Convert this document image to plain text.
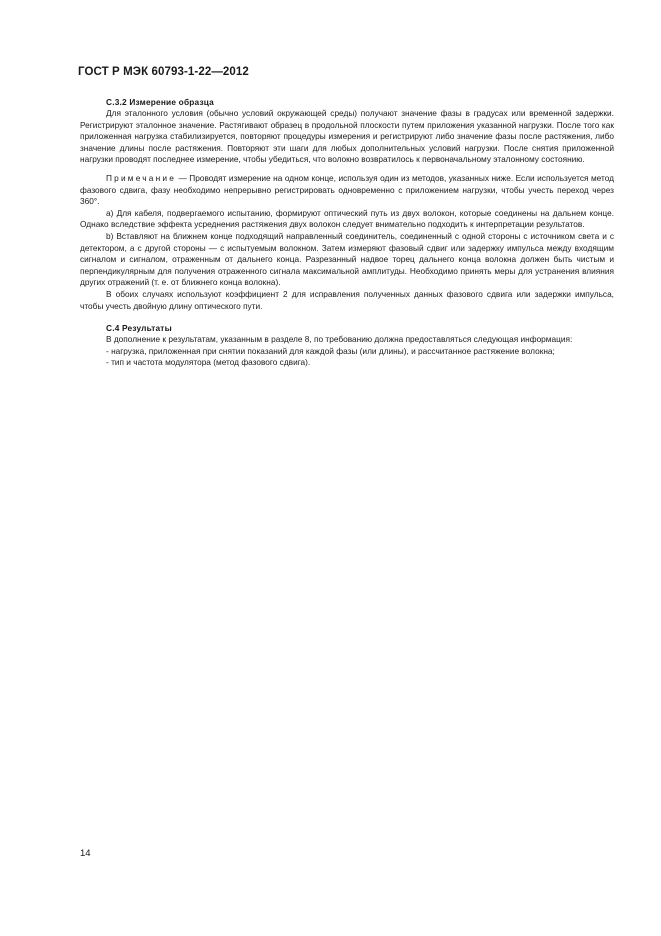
ГОСТ Р МЭК 60793-1-22—2012
С.3.2 Измерение образца

Для эталонного условия (обычно условий окружающей среды) получают значение фазы в градусах или временной задержки. Регистрируют эталонное значение. Растягивают образец в продольной плоскости путем приложения указанной нагрузки. После того как приложенная нагрузка стабилизируется, повторяют процедуры измерения и регистрируют либо значение фазы после растяжения, либо значение длины после растяжения. Повторяют эти шаги для любых дополнительных условий нагрузки. После снятия приложенной нагрузки проводят последнее измерение, чтобы убедиться, что волокно возвратилось к первоначальному эталонному состоянию.

Примечание — Проводят измерение на одном конце, используя один из методов, указанных ниже. Если используется метод фазового сдвига, фазу необходимо непрерывно регистрировать одновременно с приложением нагрузки, чтобы учесть переход через 360°.

a) Для кабеля, подвергаемого испытанию, формируют оптический путь из двух волокон, которые соединены на дальнем конце. Однако вследствие эффекта усреднения растяжения двух волокон следует внимательно подходить к интерпретации результатов.

b) Вставляют на ближнем конце подходящий направленный соединитель, соединенный с одной стороны с источником света и с детектором, а с другой стороны — с испытуемым волокном. Затем измеряют фазовый сдвиг или задержку импульса между входящим сигналом и сигналом, отраженным от дальнего конца. Разрезанный надвое торец дальнего конца волокна должен быть чистым и перпендикулярным для получения отраженного сигнала максимальной амплитуды. Необходимо принять меры для устранения влияния других отражений (т. е. от ближнего конца волокна).

В обоих случаях используют коэффициент 2 для исправления полученных данных фазового сдвига или задержки импульса, чтобы учесть двойную длину оптического пути.

С.4 Результаты

В дополнение к результатам, указанным в разделе 8, по требованию должна предоставляться следующая информация:

- нагрузка, приложенная при снятии показаний для каждой фазы (или длины), и рассчитанное растяжение волокна;

- тип и частота модулятора (метод фазового сдвига).

14
